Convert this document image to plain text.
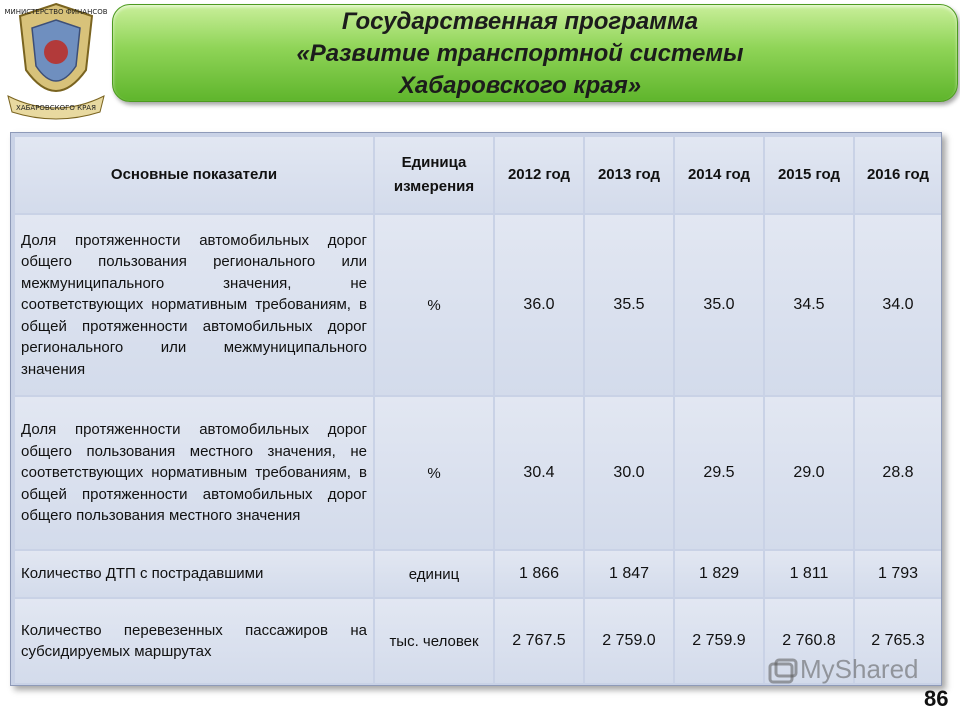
Государственная программа
«Развитие транспортной системы
Хабаровского края»
МИНИСТЕРСТВО ФИНАНСОВ
ХАБАРОВСКОГО КРАЯ
Основные показатели	Единица измерения	2012 год	2013 год	2014 год	2015 год	2016 год
Доля протяженности автомобильных дорог общего пользования регионального или межмуниципального значения, не соответствующих нормативным требованиям, в общей протяженности автомобильных дорог регионального или межмуниципального значения	%	36.0	35.5	35.0	34.5	34.0
Доля протяженности автомобильных дорог общего пользования местного значения, не соответствующих нормативным требованиям, в общей протяженности автомобильных дорог общего пользования местного значения	%	30.4	30.0	29.5	29.0	28.8
Количество ДТП с пострадавшими	единиц	1 866	1 847	1 829	1 811	1 793
Количество перевезенных пассажиров на субсидируемых маршрутах	тыс. человек	2 767.5	2 759.0	2 759.9	2 760.8	2 765.3
MyShared
86
